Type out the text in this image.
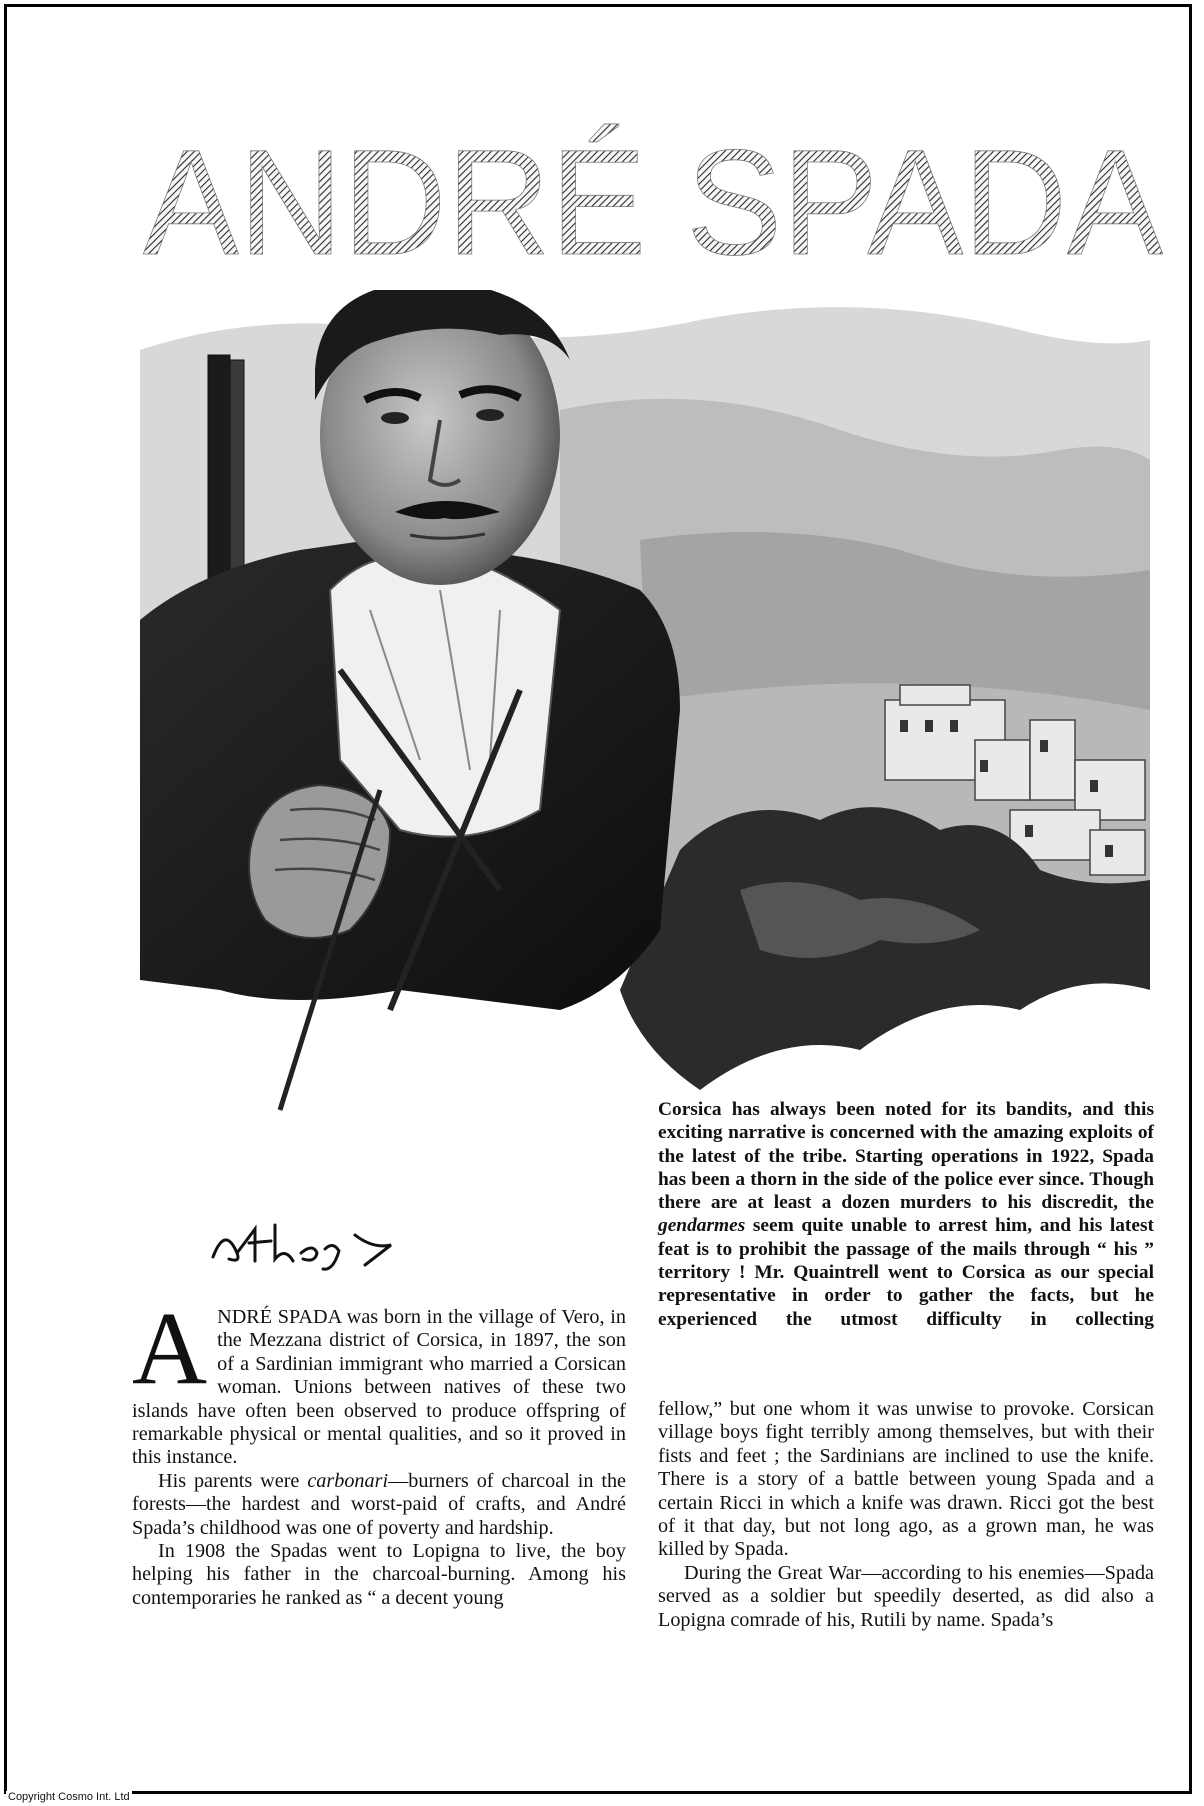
ANDRÉ SPADA
Atley

Corsica has always been noted for its bandits, and this exciting narrative is concerned with the amazing exploits of the latest of the tribe. Starting operations in 1922, Spada has been a thorn in the side of the police ever since. Though there are at least a dozen murders to his discredit, the gendarmes seem quite unable to arrest him, and his latest feat is to prohibit the passage of the mails through “ his ” territory ! Mr. Quaintrell went to Corsica as our special representative in order to gather the facts, but he experienced the utmost difficulty in collecting

ANDRÉ SPADA was born in the village of Vero, in the Mezzana district of Corsica, in 1897, the son of a Sardinian immigrant who married a Corsican woman. Unions between natives of these two islands have often been observed to produce offspring of remarkable physical or mental qualities, and so it proved in this instance.

His parents were carbonari—burners of charcoal in the forests—the hardest and worst-paid of crafts, and André Spada’s childhood was one of poverty and hardship.

In 1908 the Spadas went to Lopigna to live, the boy helping his father in the charcoal-burning. Among his contemporaries he ranked as “ a decent young

fellow,” but one whom it was unwise to provoke. Corsican village boys fight terribly among themselves, but with their fists and feet ; the Sardinians are inclined to use the knife. There is a story of a battle between young Spada and a certain Ricci in which a knife was drawn. Ricci got the best of it that day, but not long ago, as a grown man, he was killed by Spada.

During the Great War—according to his enemies—Spada served as a soldier but speedily deserted, as did also a Lopigna comrade of his, Rutili by name. Spada’s

Copyright Cosmo Int. Ltd
